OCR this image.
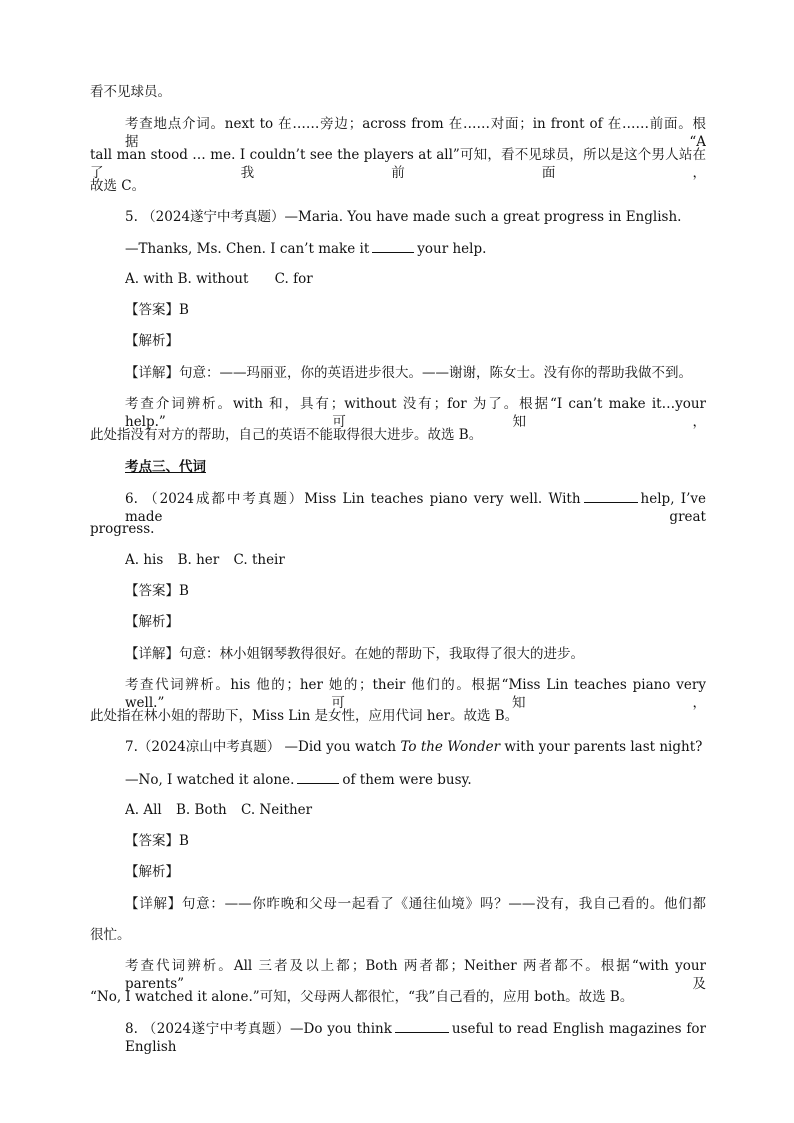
看不见球员。
考查地点介词。next to 在……旁边；across from 在……对面；in front of 在……前面。根据“A
tall man stood … me. I couldn’t see the players at all”可知，看不见球员，所以是这个男人站在了我前面，
故选 C。
5. （2024遂宁中考真题）—Maria. You have made such a great progress in English.
—Thanks, Ms. Chen. I can’t make it	your help.
A. with B. without C. for
【答案】B
【解析】
【详解】句意：——玛丽亚，你的英语进步很大。——谢谢，陈女士。没有你的帮助我做不到。
考查介词辨析。with 和，具有；without 没有；for 为了。根据“I can’t make it…your help.”可知，
此处指没有对方的帮助，自己的英语不能取得很大进步。故选 B。
考点三、代词
6. （2024成都中考真题）Miss Lin teaches piano very well. With	help, I’ve made great
progress.
A. his B. her C. their
【答案】B
【解析】
【详解】句意：林小姐钢琴教得很好。在她的帮助下，我取得了很大的进步。
考查代词辨析。his 他的；her 她的；their 他们的。根据“Miss Lin teaches piano very well.”可知，
此处指在林小姐的帮助下，Miss Lin 是女性，应用代词 her。故选 B。
7.（2024凉山中考真题） —Did you watch To the Wonder with your parents last night?
—No, I watched it alone.	of them were busy.
A. All B. Both C. Neither
【答案】B
【解析】
【详解】句意：——你昨晚和父母一起看了《通往仙境》吗？——没有，我自己看的。他们都
很忙。
考查代词辨析。All 三者及以上都；Both 两者都；Neither 两者都不。根据“with your parents”及
“No, I watched it alone.”可知，父母两人都很忙，“我”自己看的，应用 both。故选 B。
8. （2024遂宁中考真题）—Do you think	useful to read English magazines for English
